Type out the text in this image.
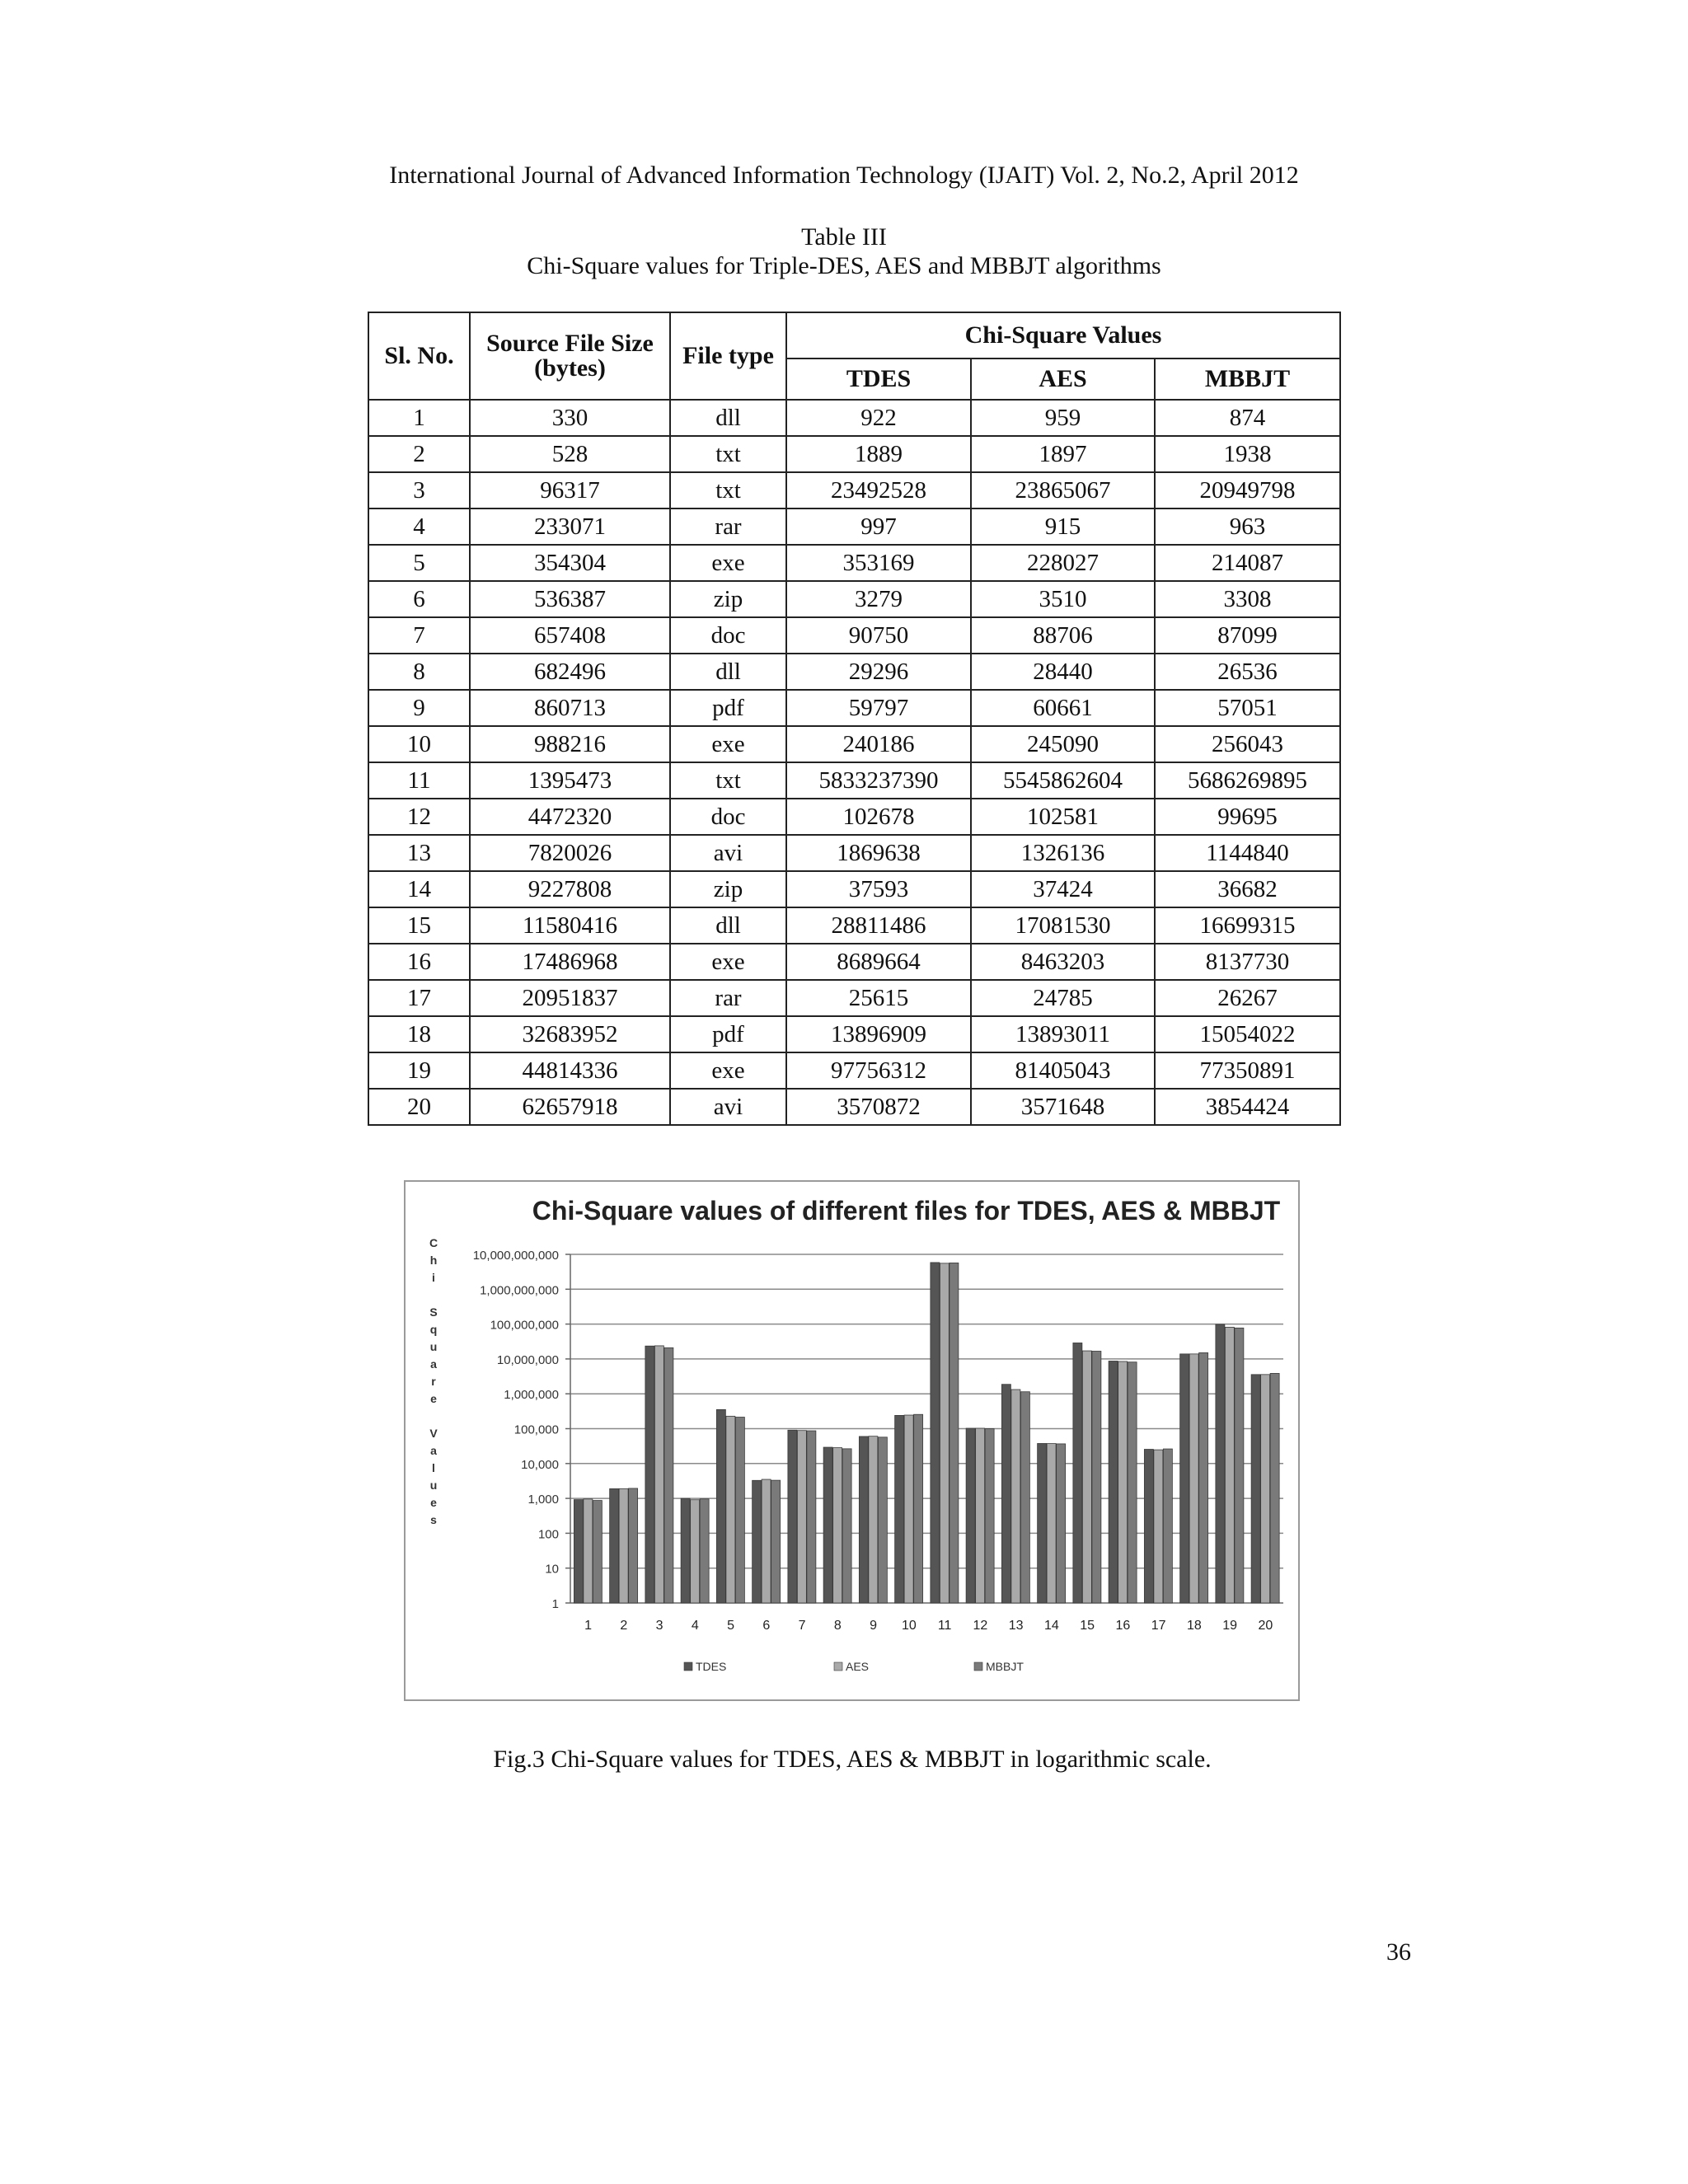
International Journal of Advanced Information Technology (IJAIT) Vol. 2, No.2, April 2012
Table III
Chi-Square values for Triple-DES, AES and MBBJT algorithms
Sl. No.	Source File Size (bytes)	File type	Chi-Square Values		
			TDES	AES	MBBJT
1	330	dll	922	959	874
2	528	txt	1889	1897	1938
3	96317	txt	23492528	23865067	20949798
4	233071	rar	997	915	963
5	354304	exe	353169	228027	214087
6	536387	zip	3279	3510	3308
7	657408	doc	90750	88706	87099
8	682496	dll	29296	28440	26536
9	860713	pdf	59797	60661	57051
10	988216	exe	240186	245090	256043
11	1395473	txt	5833237390	5545862604	5686269895
12	4472320	doc	102678	102581	99695
13	7820026	avi	1869638	1326136	1144840
14	9227808	zip	37593	37424	36682
15	11580416	dll	28811486	17081530	16699315
16	17486968	exe	8689664	8463203	8137730
17	20951837	rar	25615	24785	26267
18	32683952	pdf	13896909	13893011	15054022
19	44814336	exe	97756312	81405043	77350891
20	62657918	avi	3570872	3571648	3854424
Chi-Square values of different files for TDES, AES & MBBJT
1
10
100
1,000
10,000
100,000
1,000,000
10,000,000
100,000,000
1,000,000,000
10,000,000,000
C h i S q u a r e V a l u e s
1 2 3 4 5 6 7 8 9 10 11 12 13 14 15 16 17 18 19 20
TDES	AES	MBBJT
Fig.3 Chi-Square values for TDES, AES & MBBJT in logarithmic scale.
36
